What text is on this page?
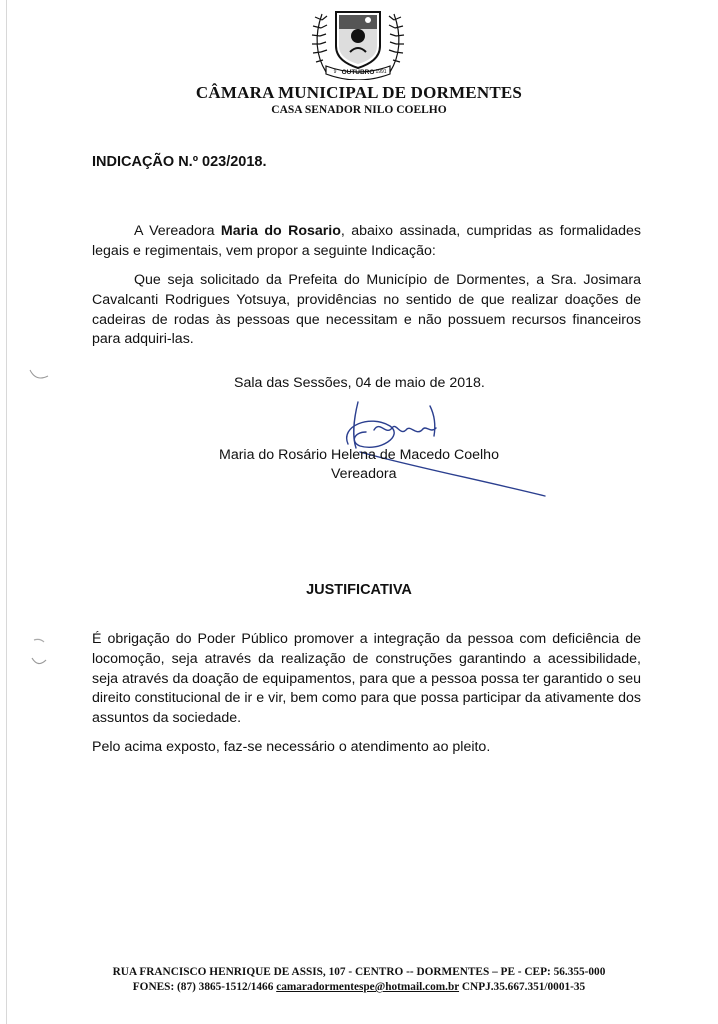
OUTUBRO
9	1991
CÂMARA MUNICIPAL DE DORMENTES
CASA SENADOR NILO COELHO
INDICAÇÃO N.º 023/2018.
A Vereadora Maria do Rosario, abaixo assinada, cumpridas as formalidades legais e regimentais, vem propor a seguinte Indicação:
Que seja solicitado da Prefeita do Município de Dormentes, a Sra. Josimara Cavalcanti Rodrigues Yotsuya, providências no sentido de que realizar doações de cadeiras de rodas às pessoas que necessitam e não possuem recursos financeiros para adquiri-las.
Sala das Sessões, 04 de maio de 2018.
Maria do Rosário Helena de Macedo Coelho
Vereadora
JUSTIFICATIVA
É obrigação do Poder Público promover a integração da pessoa com deficiência de locomoção, seja através da realização de construções garantindo a acessibilidade, seja através da doação de equipamentos, para que a pessoa possa ter garantido o seu direito constitucional de ir e vir, bem como para que possa participar da ativamente dos assuntos da sociedade.
Pelo acima exposto, faz-se necessário o atendimento ao pleito.
RUA FRANCISCO HENRIQUE DE ASSIS, 107 - CENTRO -- DORMENTES – PE - CEP: 56.355-000
FONES: (87) 3865-1512/1466 camaradormentespe@hotmail.com.br CNPJ.35.667.351/0001-35
